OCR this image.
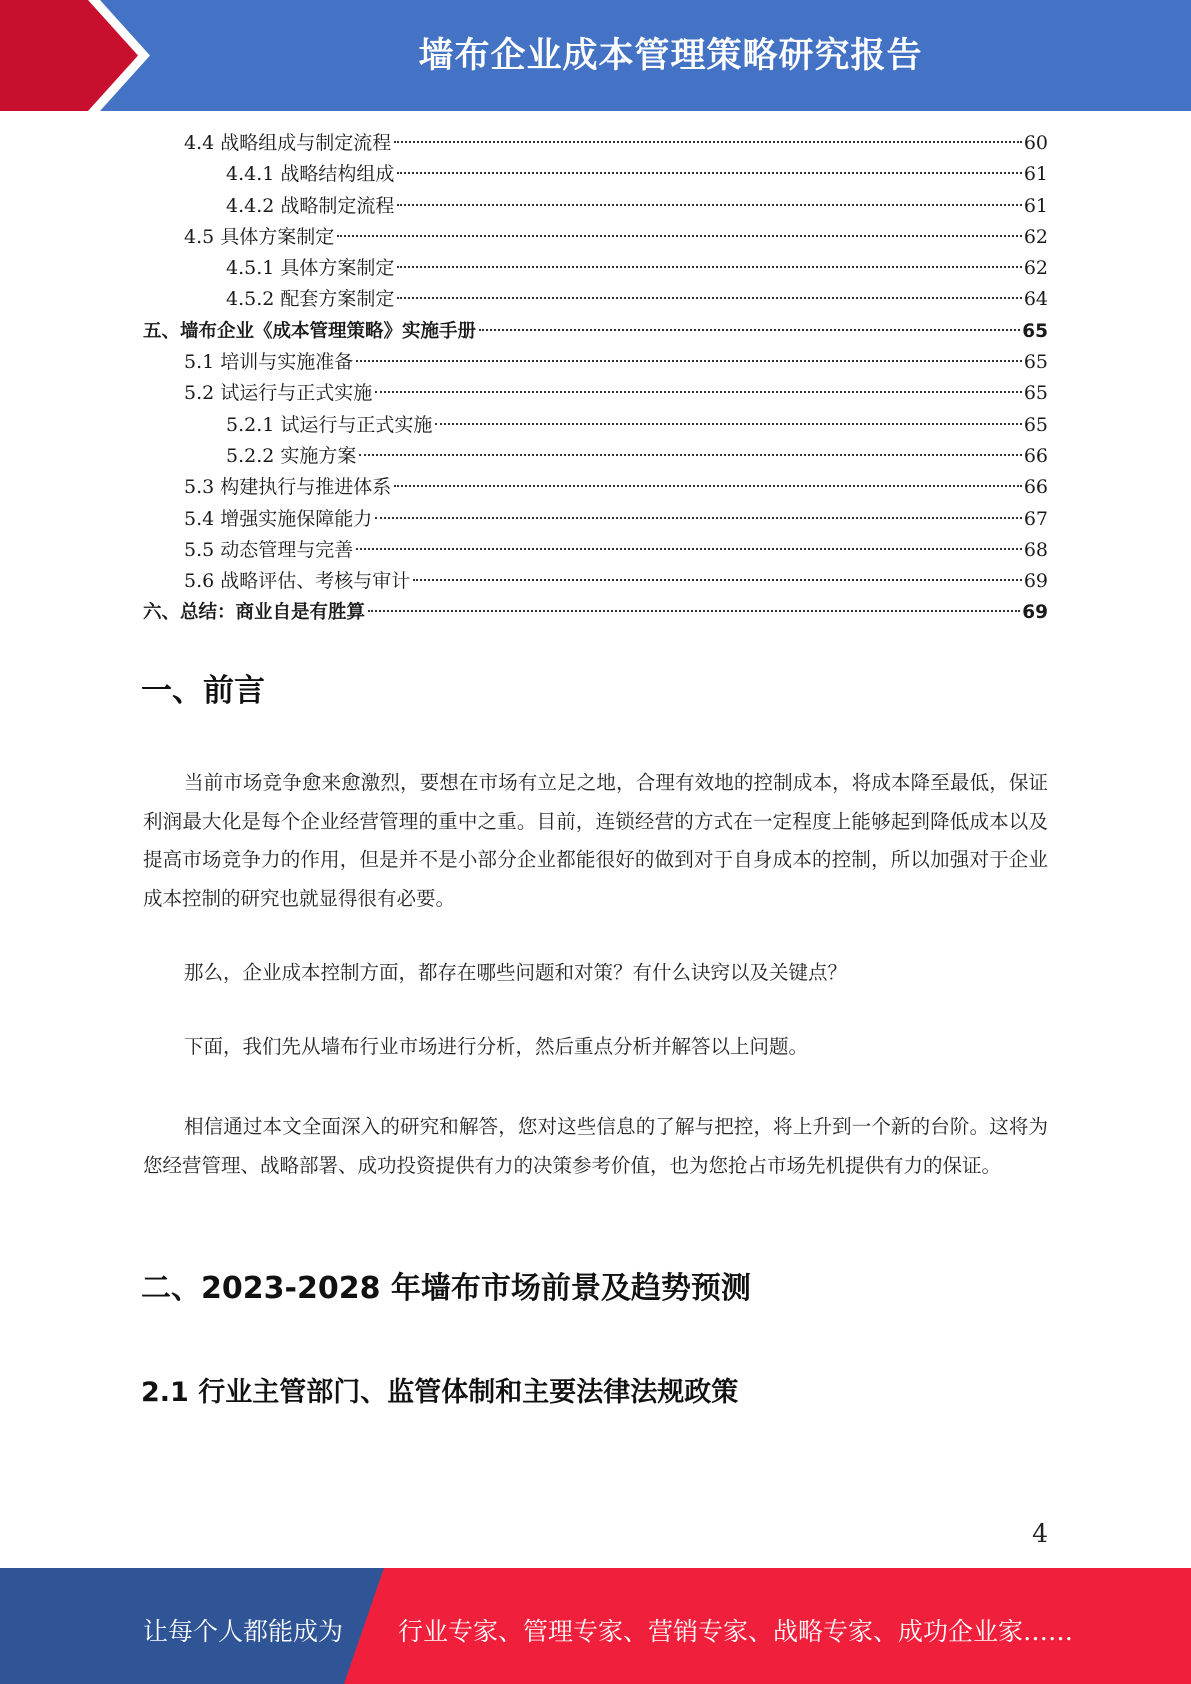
墙布企业成本管理策略研究报告
4.4 战略组成与制定流程	60
4.4.1 战略结构组成	61
4.4.2 战略制定流程	61
4.5 具体方案制定	62
4.5.1 具体方案制定	62
4.5.2 配套方案制定	64
五、墙布企业《成本管理策略》实施手册	65
5.1 培训与实施准备	65
5.2 试运行与正式实施	65
5.2.1 试运行与正式实施	65
5.2.2 实施方案	66
5.3 构建执行与推进体系	66
5.4 增强实施保障能力	67
5.5 动态管理与完善	68
5.6 战略评估、考核与审计	69
六、总结：商业自是有胜算	69
一、前言
当前市场竞争愈来愈激烈，要想在市场有立足之地，合理有效地的控制成本，将成本降至最低，保证利润最大化是每个企业经营管理的重中之重。目前，连锁经营的方式在一定程度上能够起到降低成本以及提高市场竞争力的作用，但是并不是小部分企业都能很好的做到对于自身成本的控制，所以加强对于企业成本控制的研究也就显得很有必要。
那么，企业成本控制方面，都存在哪些问题和对策？有什么诀窍以及关键点？
下面，我们先从墙布行业市场进行分析，然后重点分析并解答以上问题。
相信通过本文全面深入的研究和解答，您对这些信息的了解与把控，将上升到一个新的台阶。这将为您经营管理、战略部署、成功投资提供有力的决策参考价值，也为您抢占市场先机提供有力的保证。
二、2023-2028 年墙布市场前景及趋势预测
2.1 行业主管部门、监管体制和主要法律法规政策
4
让每个人都能成为 行业专家、管理专家、营销专家、战略专家、成功企业家……
